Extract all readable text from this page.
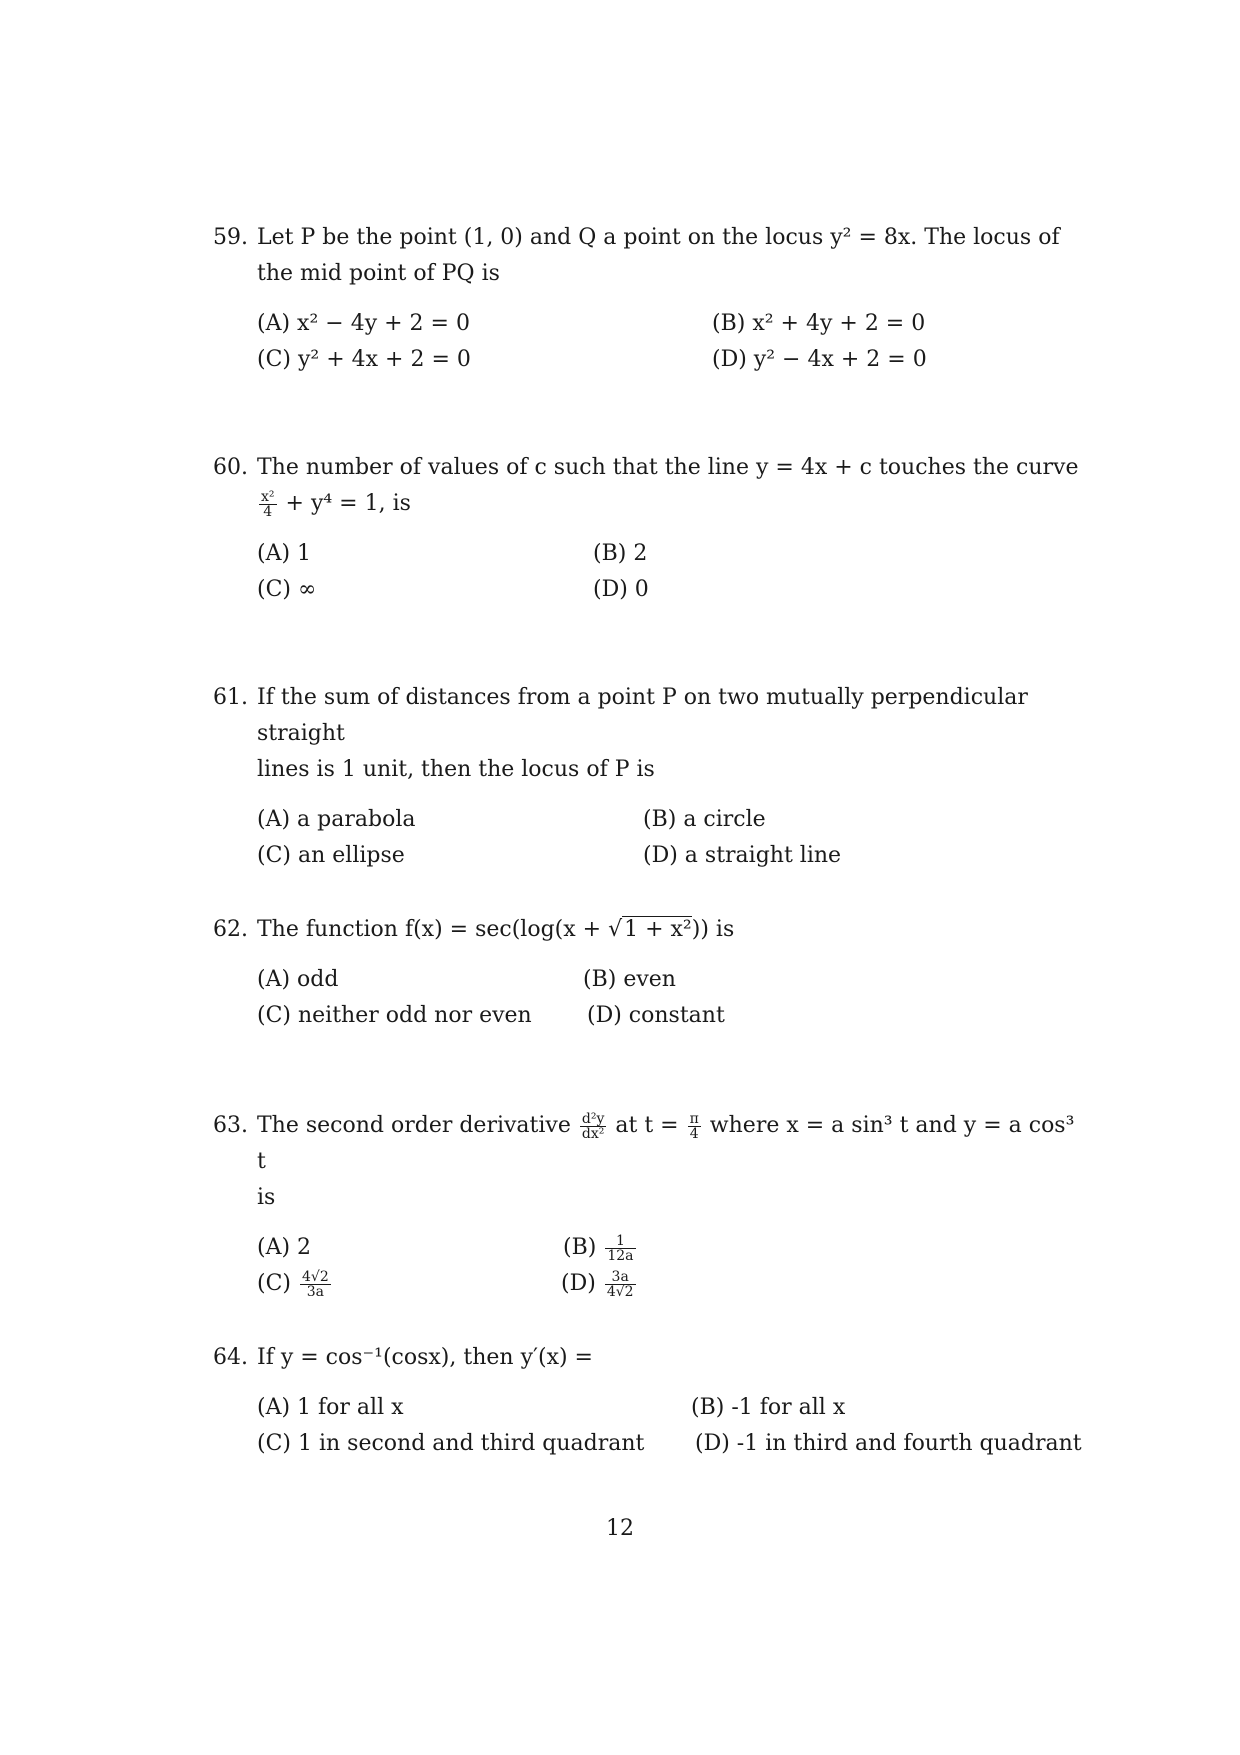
59. Let P be the point (1, 0) and Q a point on the locus y² = 8x. The locus of
the mid point of PQ is
(A) x² − 4y + 2 = 0	(B) x² + 4y + 2 = 0
(C) y² + 4x + 2 = 0	(D) y² − 4x + 2 = 0
60. The number of values of c such that the line y = 4x + c touches the curve
$\frac{\text{x²}}{4} + y^4 = 1$, is
(A) 1	(B) 2
(C) ∞	(D) 0
61. If the sum of distances from a point P on two mutually perpendicular straight
lines is 1 unit, then the locus of P is
(A) a parabola	(B) a circle
(C) an ellipse	(D) a straight line
62. The function f(x) = sec(log(x + √1 + x²)) is
(A) odd	(B) even
(C) neither odd nor even	(D) constant
63. The second order derivative $\frac{\text{d²y}}{\text{dx²}}$ at $t = \frac{\pi}{4}$ where x = a sin³ t and y = a cos³ t
is
(A) 2	$(B) \frac{1}{12a}$
$(C) \frac{4√2}{3a}$	$(D) \frac{3a}{4√2}$
64. If y = cos⁻¹(cosx), then y′(x) =
(A) 1 for all x	(B) -1 for all x
(C) 1 in second and third quadrant (D) -1 in third and fourth quadrant
12
